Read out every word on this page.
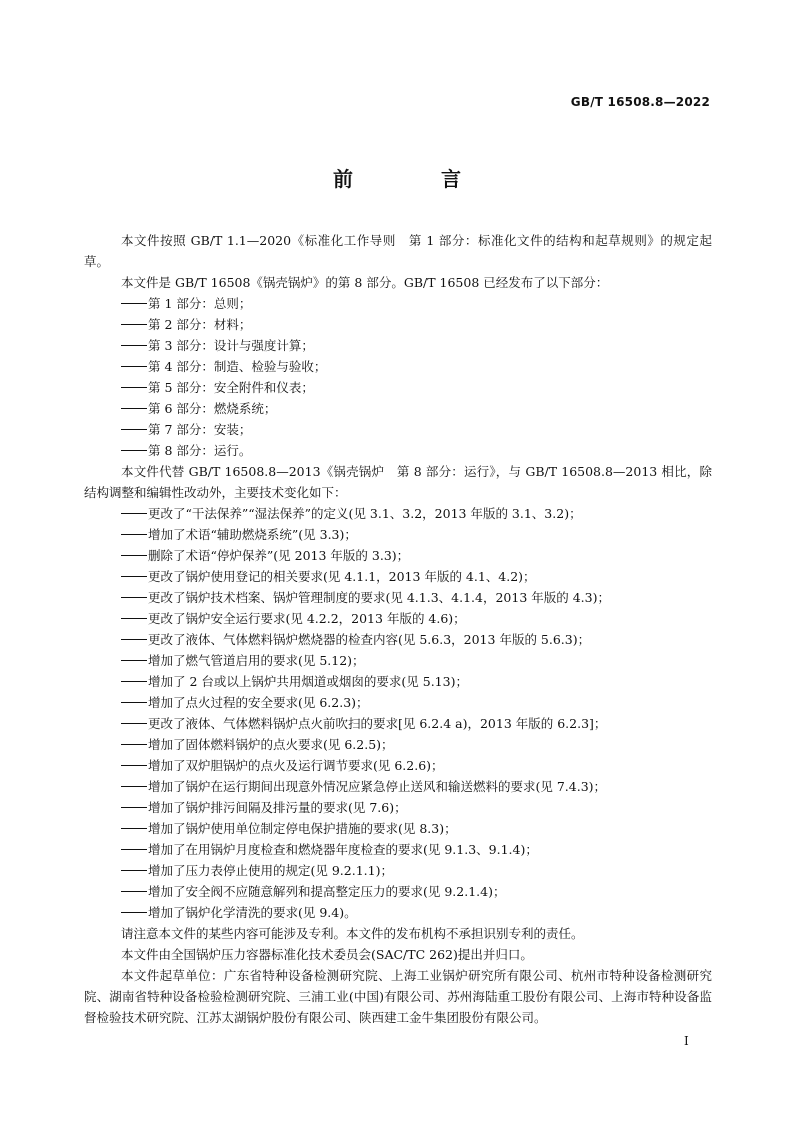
GB/T 16508.8—2022
前　言

本文件按照 GB/T 1.1—2020《标准化工作导则　第 1 部分：标准化文件的结构和起草规则》的规定起草。

本文件是 GB/T 16508《锅壳锅炉》的第 8 部分。GB/T 16508 已经发布了以下部分：

第 1 部分：总则；

第 2 部分：材料；

第 3 部分：设计与强度计算；

第 4 部分：制造、检验与验收；

第 5 部分：安全附件和仪表；

第 6 部分：燃烧系统；

第 7 部分：安装；

第 8 部分：运行。

本文件代替 GB/T 16508.8—2013《锅壳锅炉　第 8 部分：运行》，与 GB/T 16508.8—2013 相比，除结构调整和编辑性改动外，主要技术变化如下：

更改了“干法保养”“湿法保养”的定义(见 3.1、3.2，2013 年版的 3.1、3.2)；

增加了术语“辅助燃烧系统”(见 3.3)；

删除了术语“停炉保养”(见 2013 年版的 3.3)；

更改了锅炉使用登记的相关要求(见 4.1.1，2013 年版的 4.1、4.2)；

更改了锅炉技术档案、锅炉管理制度的要求(见 4.1.3、4.1.4，2013 年版的 4.3)；

更改了锅炉安全运行要求(见 4.2.2，2013 年版的 4.6)；

更改了液体、气体燃料锅炉燃烧器的检查内容(见 5.6.3，2013 年版的 5.6.3)；

增加了燃气管道启用的要求(见 5.12)；

增加了 2 台或以上锅炉共用烟道或烟囱的要求(见 5.13)；

增加了点火过程的安全要求(见 6.2.3)；

更改了液体、气体燃料锅炉点火前吹扫的要求[见 6.2.4 a)，2013 年版的 6.2.3]；

增加了固体燃料锅炉的点火要求(见 6.2.5)；

增加了双炉胆锅炉的点火及运行调节要求(见 6.2.6)；

增加了锅炉在运行期间出现意外情况应紧急停止送风和输送燃料的要求(见 7.4.3)；

增加了锅炉排污间隔及排污量的要求(见 7.6)；

增加了锅炉使用单位制定停电保护措施的要求(见 8.3)；

增加了在用锅炉月度检查和燃烧器年度检查的要求(见 9.1.3、9.1.4)；

增加了压力表停止使用的规定(见 9.2.1.1)；

增加了安全阀不应随意解列和提高整定压力的要求(见 9.2.1.4)；

增加了锅炉化学清洗的要求(见 9.4)。

请注意本文件的某些内容可能涉及专利。本文件的发布机构不承担识别专利的责任。

本文件由全国锅炉压力容器标准化技术委员会(SAC/TC 262)提出并归口。

本文件起草单位：广东省特种设备检测研究院、上海工业锅炉研究所有限公司、杭州市特种设备检测研究院、湖南省特种设备检验检测研究院、三浦工业(中国)有限公司、苏州海陆重工股份有限公司、上海市特种设备监督检验技术研究院、江苏太湖锅炉股份有限公司、陕西建工金牛集团股份有限公司。

Ⅰ
